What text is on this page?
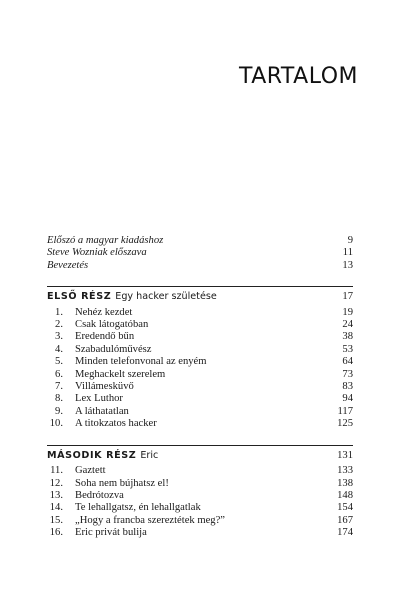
TARTALOM
Előszó a magyar kiadáshoz	9
Steve Wozniak előszava	11
Bevezetés	13
ELSŐ RÉSZ Egy hacker születése	17
1.	Nehéz kezdet	19
2.	Csak látogatóban	24
3.	Eredendő bűn	38
4.	Szabadulóművész	53
5.	Minden telefonvonal az enyém	64
6.	Meghackelt szerelem	73
7.	Villámesküvő	83
8.	Lex Luthor	94
9.	A láthatatlan	117
10.	A titokzatos hacker	125
MÁSODIK RÉSZ Eric	131
11.	Gaztett	133
12.	Soha nem bújhatsz el!	138
13.	Bedrótozva	148
14.	Te lehallgatsz, én lehallgatlak	154
15.	„Hogy a francba szereztétek meg?”	167
16.	Eric privát bulija	174
